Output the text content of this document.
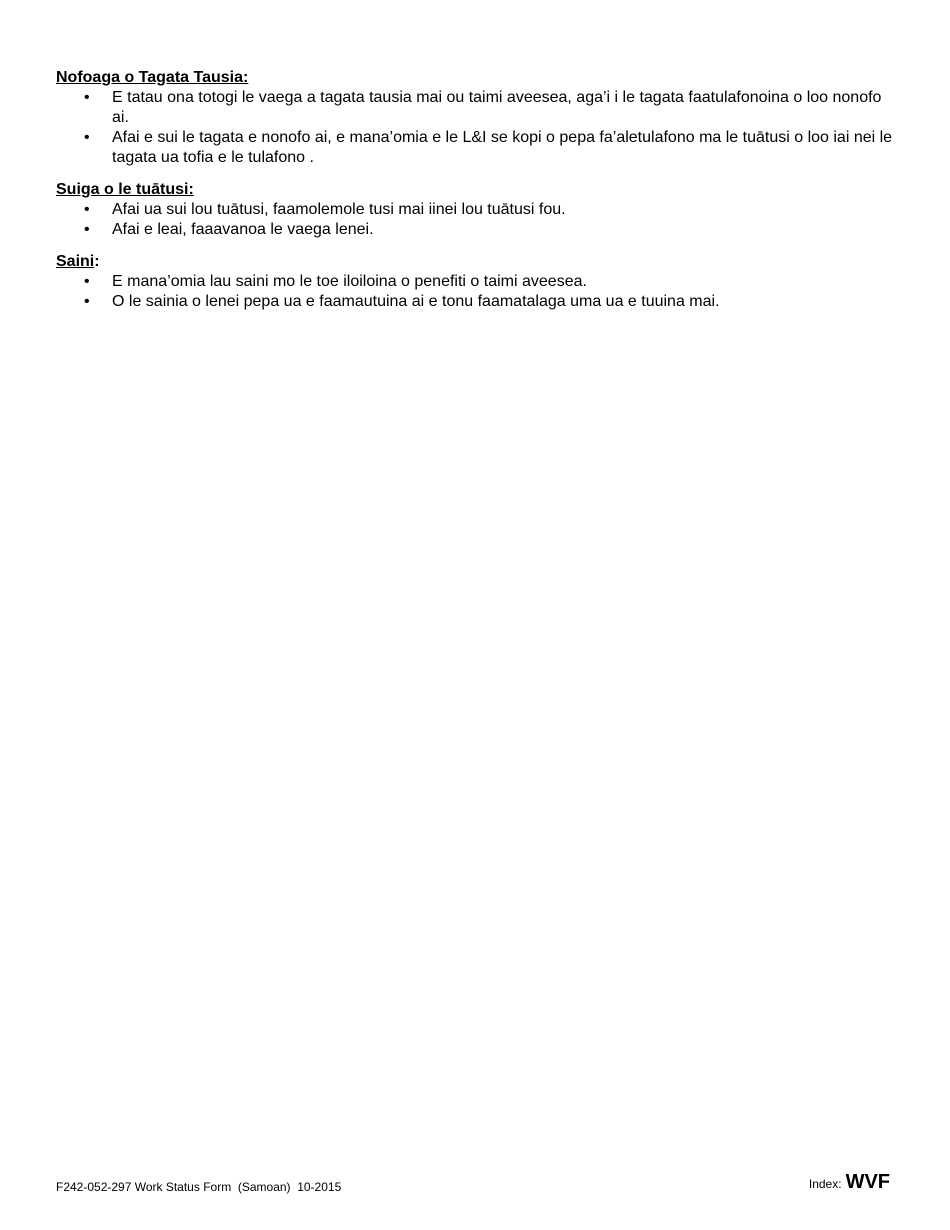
Nofoaga o Tagata Tausia:

• E tatau ona totogi le vaega a tagata tausia mai ou taimi aveesea, aga’i i le tagata faatulafonoina o loo nonofo ai.
• Afai e sui le tagata e nonofo ai, e mana’omia e le L&I se kopi o pepa fa’aletulafono ma le tuātusi o loo iai nei le tagata ua tofia e le tulafono .

Suiga o le tuātusi:

• Afai ua sui lou tuātusi, faamolemole tusi mai iinei lou tuātusi fou.
• Afai e leai, faaavanoa le vaega lenei.

Saini:

• E mana’omia lau saini mo le toe iloiloina o penefiti o taimi aveesea.
• O le sainia o lenei pepa ua e faamautuina ai e tonu faamatalaga uma ua e tuuina mai.
F242-052-297 Work Status Form  (Samoan)  10-2015	Index: WVF
